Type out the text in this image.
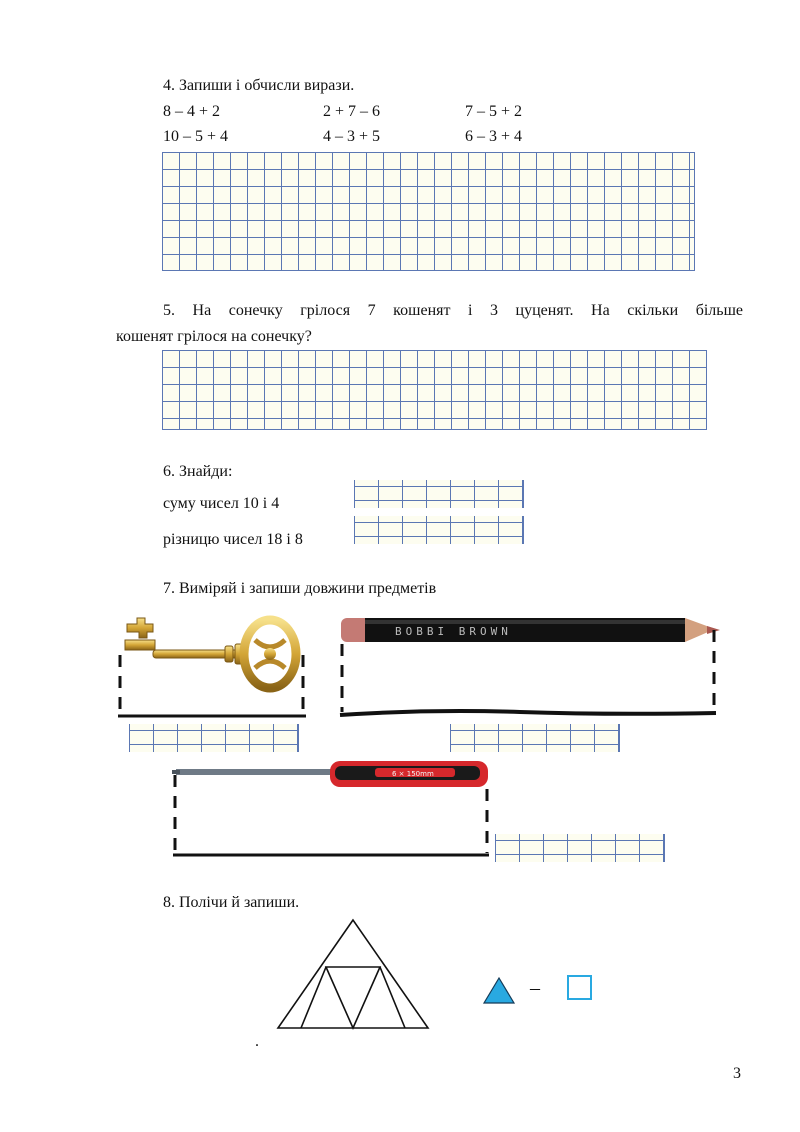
4. Запиши і обчисли вирази.
8 – 4 + 2	2 + 7 – 6	7 – 5 + 2
10 – 5 + 4	4 – 3 + 5	6 – 3 + 4
5. На сонечку грілося 7 кошенят і 3 цуценят. На скільки більше
кошенят грілося на сонечку?
6. Знайди:
суму чисел 10 і 4
різницю чисел 18 і 8
7. Виміряй і запиши довжини предметів
BOBBI BROWN
6 × 150mm
8. Полічи й запиши.
–
.
3
